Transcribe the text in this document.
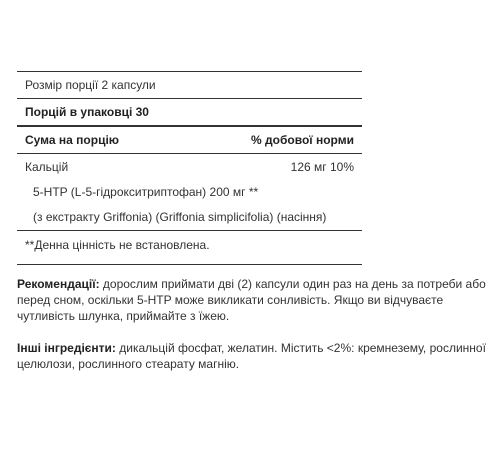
Розмір порції 2 капсули
Порцій в упаковці 30
Сума на порцію	% добової норми
Кальцій	126 мг 10%
5-HTP (L-5-гідрокситриптофан) 200 мг **
(з екстракту Griffonia) (Griffonia simplicifolia) (насіння)
**Денна цінність не встановлена.

Рекомендації: дорослим приймати дві (2) капсули один раз на день за потреби або перед сном, оскільки 5-HTP може викликати сонливість. Якщо ви відчуваєте чутливість шлунка, приймайте з їжею.

Інші інгредієнти: дикальцій фосфат, желатин. Містить <2%: кремнезему, рослинної целюлози, рослинного стеарату магнію.
